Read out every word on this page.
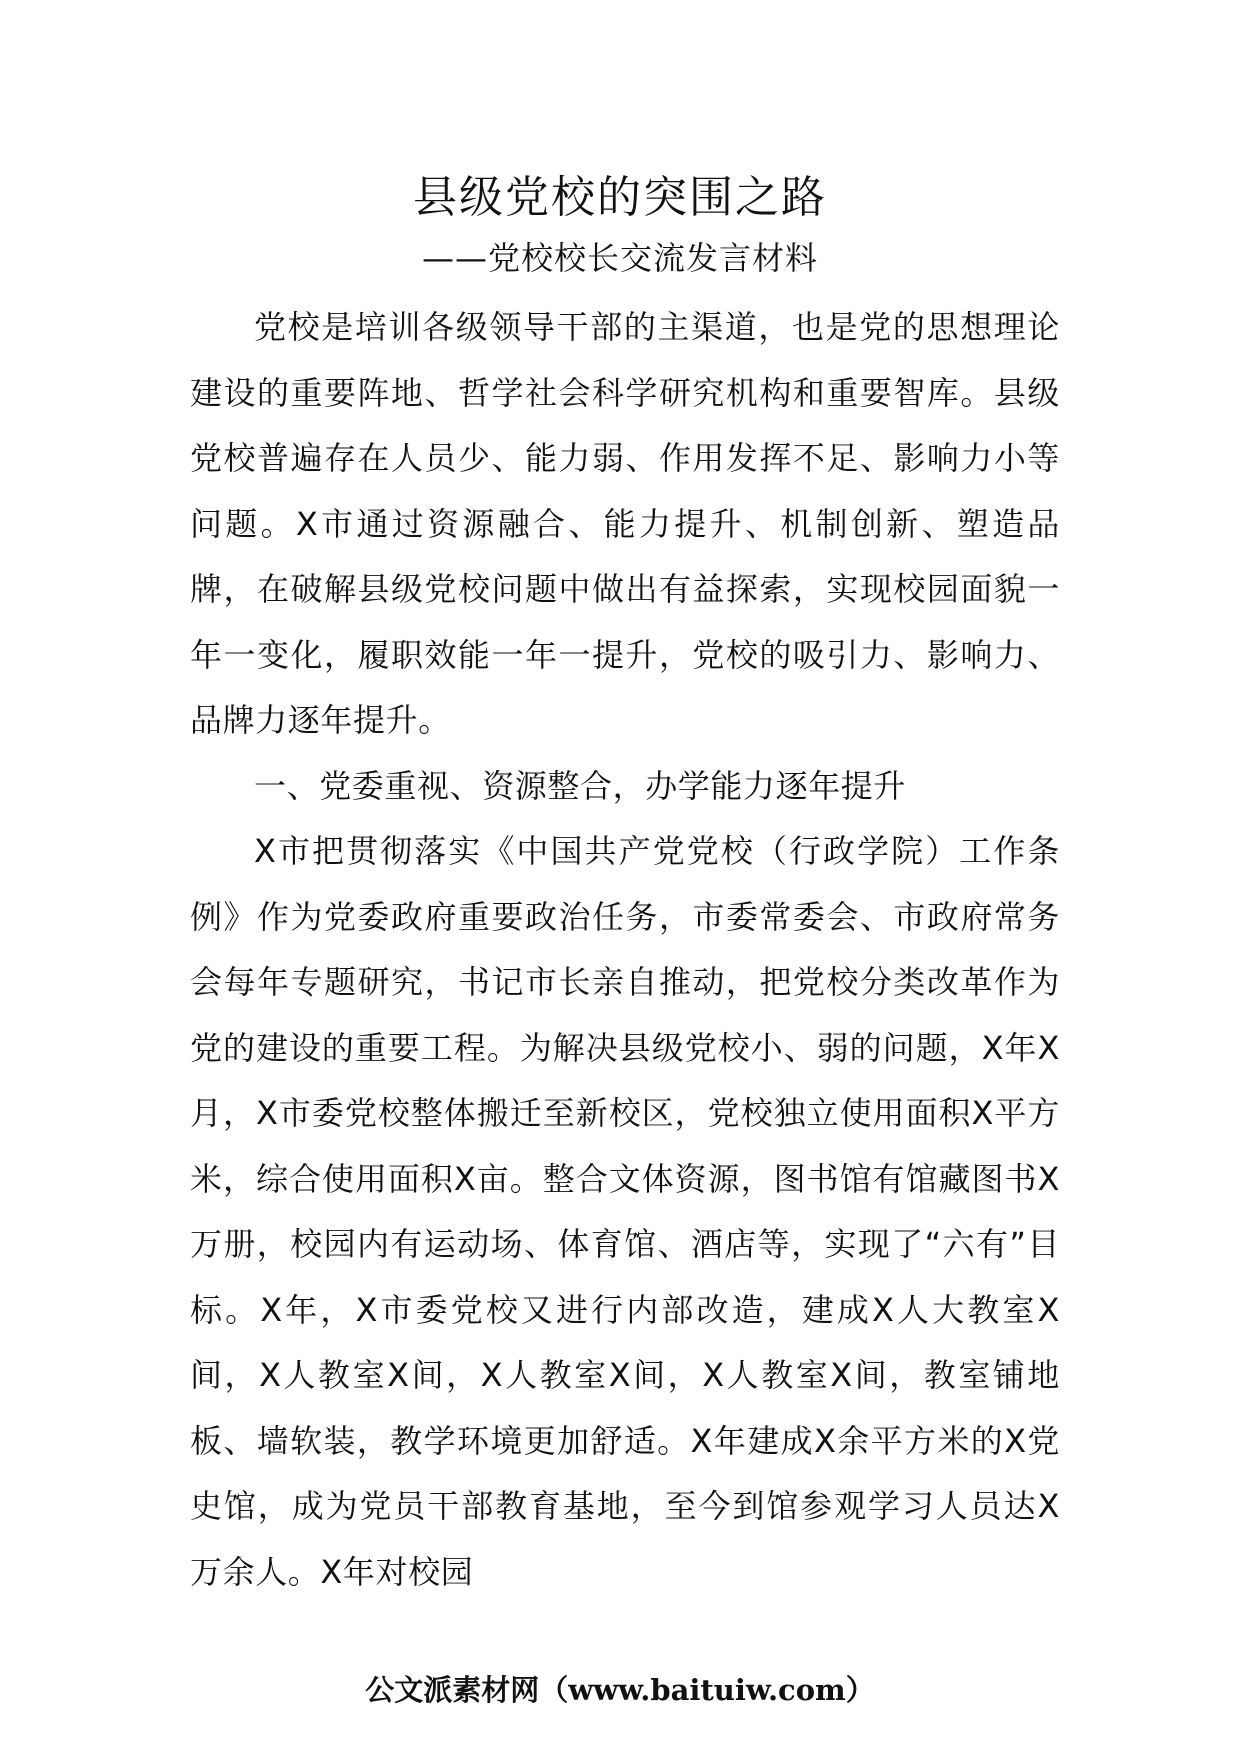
县级党校的突围之路
——党校校长交流发言材料

党校是培训各级领导干部的主渠道，也是党的思想理论建设的重要阵地、哲学社会科学研究机构和重要智库。县级党校普遍存在人员少、能力弱、作用发挥不足、影响力小等问题。X市通过资源融合、能力提升、机制创新、塑造品牌，在破解县级党校问题中做出有益探索，实现校园面貌一年一变化，履职效能一年一提升，党校的吸引力、影响力、品牌力逐年提升。

一、党委重视、资源整合，办学能力逐年提升

X市把贯彻落实《中国共产党党校（行政学院）工作条例》作为党委政府重要政治任务，市委常委会、市政府常务会每年专题研究，书记市长亲自推动，把党校分类改革作为党的建设的重要工程。为解决县级党校小、弱的问题，X年X月，X市委党校整体搬迁至新校区，党校独立使用面积X平方米，综合使用面积X亩。整合文体资源，图书馆有馆藏图书X万册，校园内有运动场、体育馆、酒店等，实现了“六有”目标。X年，X市委党校又进行内部改造，建成X人大教室X间，X人教室X间，X人教室X间，X人教室X间，教室铺地板、墙软装，教学环境更加舒适。X年建成X余平方米的X党史馆，成为党员干部教育基地，至今到馆参观学习人员达X万余人。X年对校园

公文派素材网（www.baituiw.com）
